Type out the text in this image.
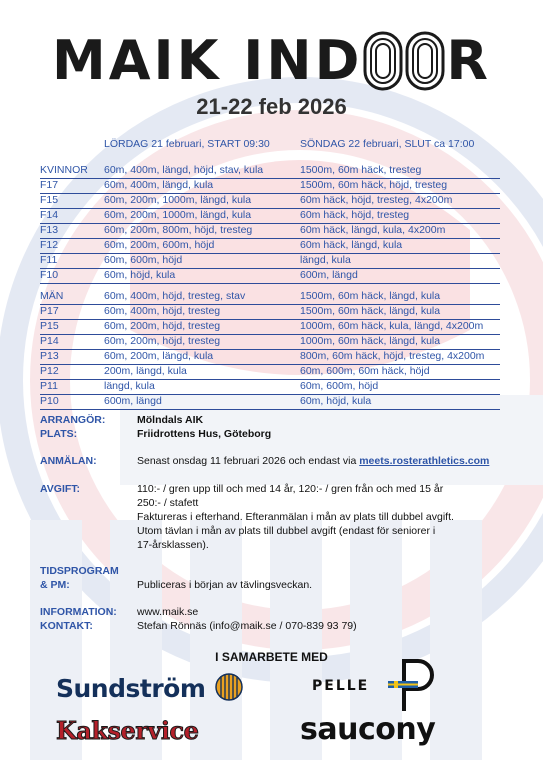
MAIK IND OO R
21-22 feb 2026
LÖRDAG 21 februari, START 09:30	SÖNDAG 22 februari, SLUT ca 17:00
KVINNOR 60m, 400m, längd, höjd, stav, kula	1500m, 60m häck, tresteg
F17	60m, 400m, längd, kula	1500m, 60m häck, höjd, tresteg
F15	60m, 200m, 1000m, längd, kula	60m häck, höjd, tresteg, 4x200m
F14	60m, 200m, 1000m, längd, kula	60m häck, höjd, tresteg
F13	60m, 200m, 800m, höjd, tresteg	60m häck, längd, kula, 4x200m
F12	60m, 200m, 600m, höjd	60m häck, längd, kula
F11	60m, 600m, höjd	längd, kula
F10	60m, höjd, kula	600m, längd
MÄN	60m, 400m, höjd, tresteg, stav	1500m, 60m häck, längd, kula
P17	60m, 400m, höjd, tresteg	1500m, 60m häck, längd, kula
P15	60m, 200m, höjd, tresteg	1000m, 60m häck, kula, längd, 4x200m
P14	60m, 200m, höjd, tresteg	1000m, 60m häck, längd, kula
P13	60m, 200m, längd, kula	800m, 60m häck, höjd, tresteg, 4x200m
P12	200m, längd, kula	60m, 600m, 60m häck, höjd
P11	längd, kula	60m, 600m, höjd
P10	600m, längd	60m, höjd, kula
ARRANGÖR:	Mölndals AIK
PLATS:	Friidrottens Hus, Göteborg
ANMÄLAN:	Senast onsdag 11 februari 2026 och endast via meets.rosterathletics.com
AVGIFT:	110:- / gren upp till och med 14 år, 120:- / gren från och med 15 år
250:- / stafett
Faktureras i efterhand. Efteranmälan i mån av plats till dubbel avgift.
Utom tävlan i mån av plats till dubbel avgift (endast för seniorer i
17-årsklassen).
TIDSPROGRAM
& PM:	Publiceras i början av tävlingsveckan.
INFORMATION: www.maik.se
KONTAKT:	Stefan Rönnäs (info@maik.se / 070-839 93 79)
I SAMARBETE MED
Sundström
Kakservice
PELLE
saucony
